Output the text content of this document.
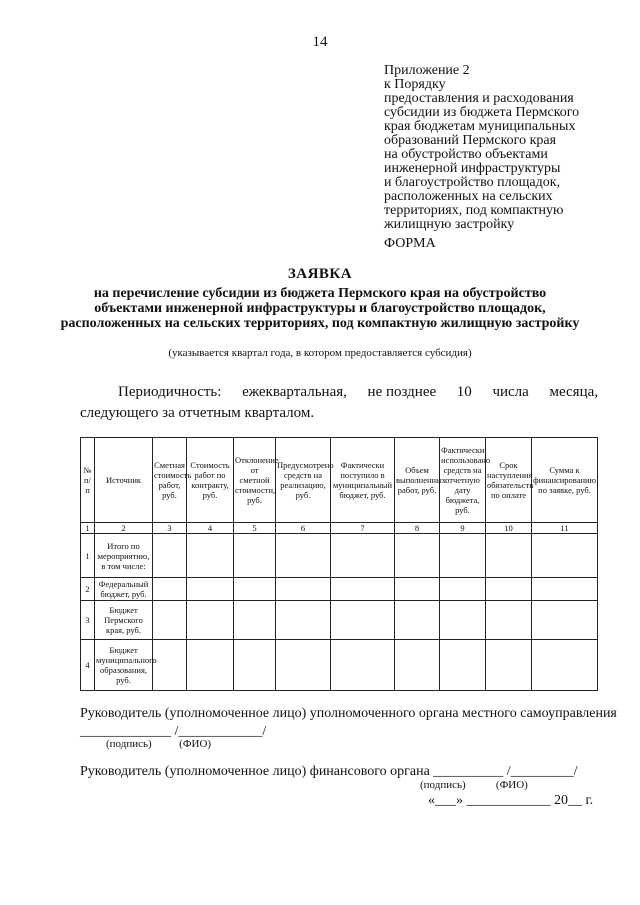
14
Приложение 2
к Порядку
предоставления и расходования
субсидии из бюджета Пермского
края бюджетам муниципальных
образований Пермского края
на обустройство объектами
инженерной инфраструктуры
и благоустройство площадок,
расположенных на сельских
территориях, под компактную
жилищную застройку
ФОРМА
ЗАЯВКА
на перечисление субсидии из бюджета Пермского края на обустройство объектами инженерной инфраструктуры и благоустройство площадок, расположенных на сельских территориях, под компактную жилищную застройку
(указывается квартал года, в котором предоставляется субсидия)
Периодичность: ежеквартальная, не позднее 10 числа месяца,
следующего за отчетным кварталом.
№ п/п	Источник	Сметная стоимость работ, руб.	Стоимость работ по контракту, руб.	Отклонение от сметной стоимости, руб.	Предусмотрено средств на реализацию, руб.	Фактически поступило в муниципальный бюджет, руб.	Объем выполненных работ, руб.	Фактически использовано средств на отчетную дату бюджета, руб.	Срок наступления обязательств по оплате	Сумма к финансированию по заявке, руб.
1	2	3	4	5	6	7	8	9	10	11
1	Итого по мероприятию, в том числе:									
2	Федеральный бюджет, руб.									
3	Бюджет Пермского края, руб.									
4	Бюджет муниципального образования, руб.									
Руководитель (уполномоченное лицо) уполномоченного органа местного самоуправления
_____________ /____________/
(подпись)          (ФИО)
Руководитель (уполномоченное лицо) финансового органа __________ /_________/
(подпись)           (ФИО)
«___» ____________ 20__ г.
